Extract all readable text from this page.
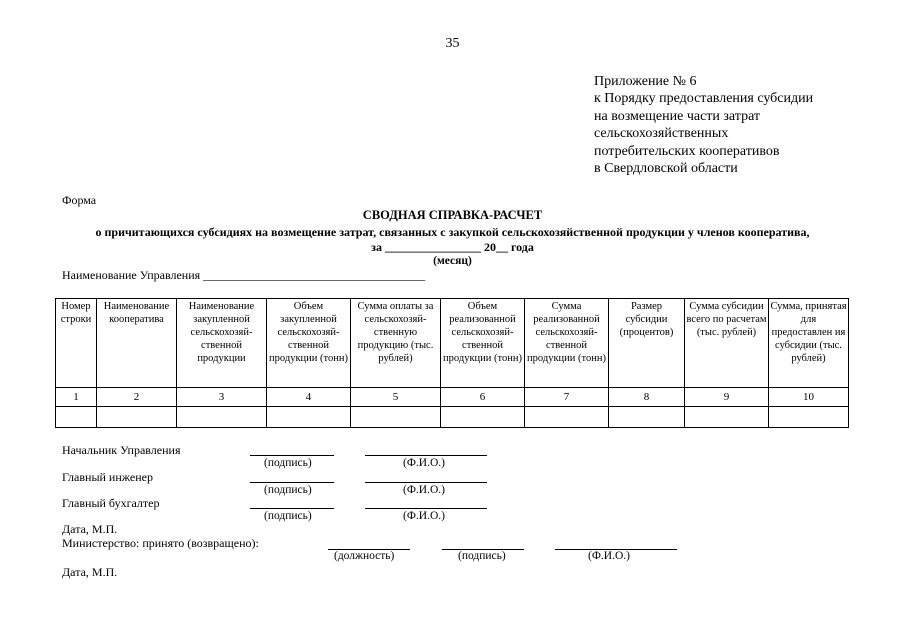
35
Приложение № 6
к Порядку предоставления субсидии
на возмещение части затрат
сельскохозяйственных
потребительских кооперативов
в Свердловской области
Форма
СВОДНАЯ СПРАВКА-РАСЧЕТ
о причитающихся субсидиях на возмещение затрат, связанных с закупкой сельскохозяйственной продукции у членов кооператива,
за ________________ 20__ года
(месяц)
Наименование Управления _____________________________________
Номер строки	Наименование кооператива	Наименование закупленной сельскохозяй-ственной продукции	Объем закупленной сельскохозяй-ственной продукции (тонн)	Сумма оплаты за сельскохозяй-ственную продукцию (тыс. рублей)	Объем реализованной сельскохозяй-ственной продукции (тонн)	Сумма реализованной сельскохозяй-ственной продукции (тонн)	Размер субсидии (процентов)	Сумма субсидии всего по расчетам (тыс. рублей)	Сумма, принятая для предоставлен ия субсидии (тыс. рублей)
1	2	3	4	5	6	7	8	9	10

Начальник Управления
(подпись)	(Ф.И.О.)
Главный инженер
(подпись)	(Ф.И.О.)
Главный бухгалтер
(подпись)	(Ф.И.О.)
Дата, М.П.
Министерство: принято (возвращено):
(должность)	(подпись)	(Ф.И.О.)
Дата, М.П.
